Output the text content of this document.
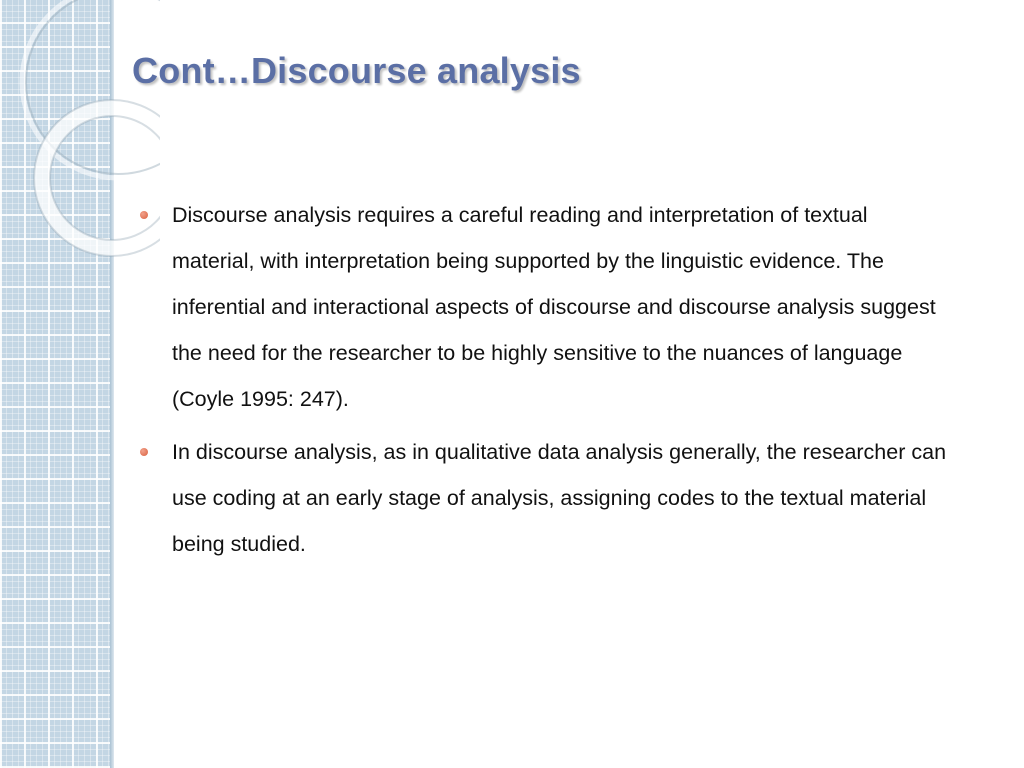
Cont…Discourse analysis
Discourse analysis requires a careful reading and interpretation of textual material, with interpretation being supported by the linguistic evidence. The inferential and interactional aspects of discourse and discourse analysis suggest the need for the researcher to be highly sensitive to the nuances of language (Coyle 1995: 247).
In discourse analysis, as in qualitative data analysis generally, the researcher can use coding at an early stage of analysis, assigning codes to the textual material being studied.
